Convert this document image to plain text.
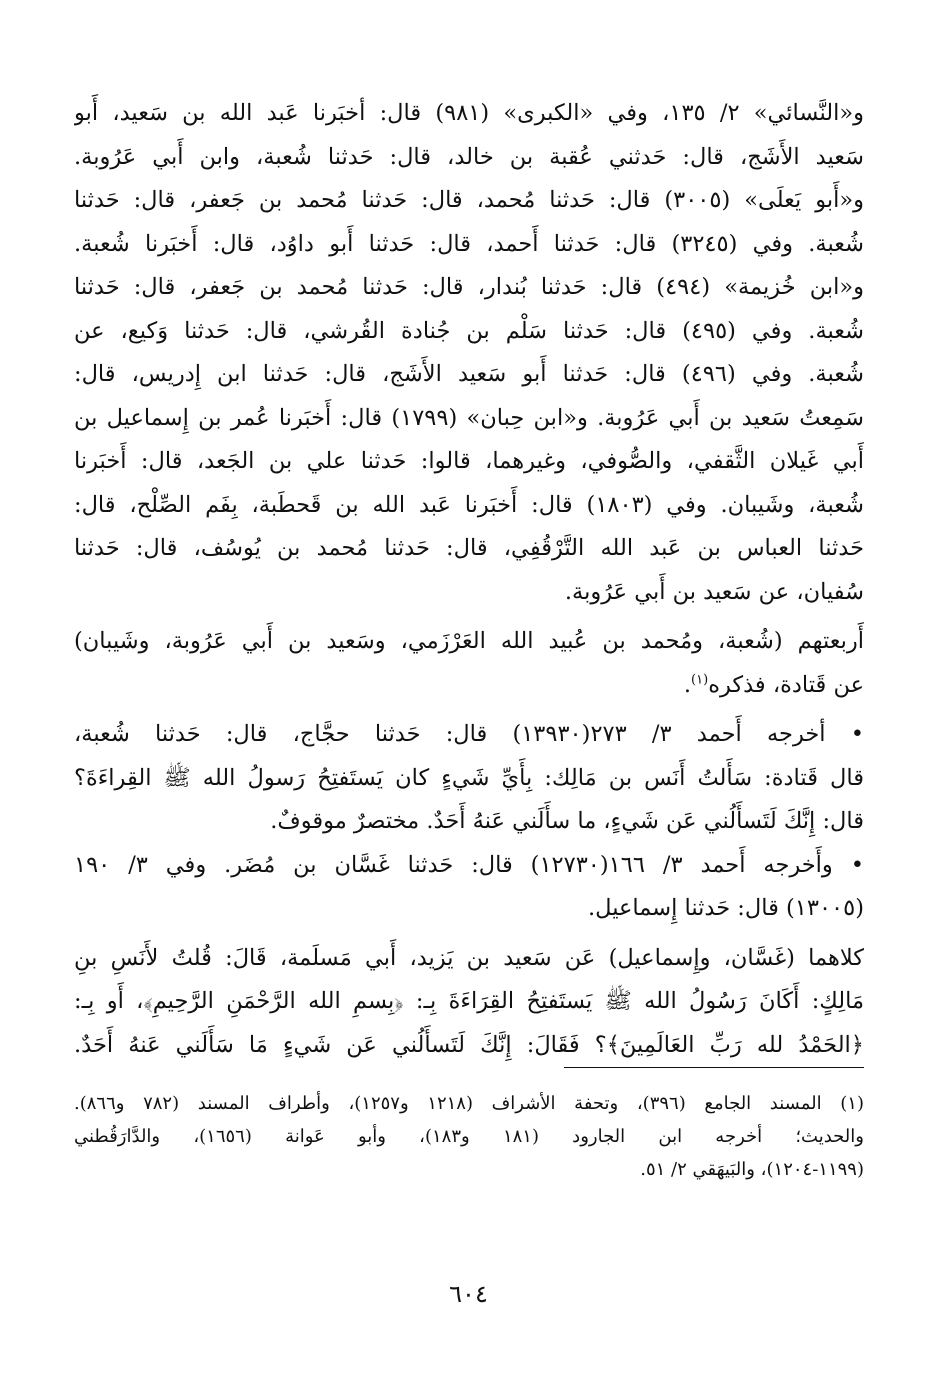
و«النَّسائي» ٢/ ١٣٥، وفي «الكبرى» (٩٨١) قال: أخبَرنا عَبد الله بن سَعيد، أَبو
سَعيد الأَشَج، قال: حَدثني عُقبة بن خالد، قال: حَدثنا شُعبة، وابن أَبي عَرُوبة.
و«أَبو يَعلَى» (٣٠٠٥) قال: حَدثنا مُحمد، قال: حَدثنا مُحمد بن جَعفر، قال: حَدثنا
شُعبة. وفي (٣٢٤٥) قال: حَدثنا أَحمد، قال: حَدثنا أَبو داوُد، قال: أَخبَرنا شُعبة.
و«ابن خُزيمة» (٤٩٤) قال: حَدثنا بُندار، قال: حَدثنا مُحمد بن جَعفر، قال: حَدثنا
شُعبة. وفي (٤٩٥) قال: حَدثنا سَلْم بن جُنادة القُرشي، قال: حَدثنا وَكيع، عن
شُعبة. وفي (٤٩٦) قال: حَدثنا أَبو سَعيد الأَشَج، قال: حَدثنا ابن إِدريس، قال:
سَمِعتُ سَعيد بن أَبي عَرُوبة. و«ابن حِبان» (١٧٩٩) قال: أَخبَرنا عُمر بن إِسماعيل بن
أَبي غَيلان الثَّقفي، والصُّوفي، وغيرهما، قالوا: حَدثنا علي بن الجَعد، قال: أَخبَرنا
شُعبة، وشَيبان. وفي (١٨٠٣) قال: أَخبَرنا عَبد الله بن قَحطَبة، بِفَم الصِّلْح، قال:
حَدثنا العباس بن عَبد الله التَّرْقُفِي، قال: حَدثنا مُحمد بن يُوسُف، قال: حَدثنا
سُفيان، عن سَعيد بن أَبي عَرُوبة.
أَربعتهم (شُعبة، ومُحمد بن عُبيد الله العَرْزَمي، وسَعيد بن أَبي عَرُوبة، وشَيبان)
عن قَتادة، فذكره$^{(١)}$.
• أخرجه أَحمد ٣/ ٢٧٣(١٣٩٣٠) قال: حَدثنا حجَّاج، قال: حَدثنا شُعبة،
قال قَتادة: سَأَلتُ أَنَس بن مَالِك: بِأَيِّ شَيءٍ كان يَستَفتِحُ رَسولُ الله ﷺ القِراءَةَ؟
قال: إِنَّكَ لَتَسأَلُني عَن شَيءٍ، ما سأَلَني عَنهُ أَحَدٌ. مختصرٌ موقوفٌ.
• وأَخرجه أَحمد ٣/ ١٦٦(١٢٧٣٠) قال: حَدثنا غَسَّان بن مُضَر. وفي ٣/ ١٩٠
(١٣٠٠٥) قال: حَدثنا إِسماعيل.
كلاهما (غَسَّان، وإِسماعيل) عَن سَعيد بن يَزيد، أَبي مَسلَمة، قَالَ: قُلتُ لأَنَسِ بنِ
مَالِكٍ: أَكَانَ رَسُولُ الله ﷺ يَستَفتِحُ القِرَاءَةَ بِـ: ﴿بِسمِ الله الرَّحْمَنِ الرَّحِيمِ﴾، أَو بِـ:
﴿الحَمْدُ لله رَبِّ العَالَمِينَ﴾؟ فَقَالَ: إِنَّكَ لَتَسأَلُني عَن شَيءٍ مَا سَأَلَني عَنهُ أَحَدٌ.
(١) المسند الجامع (٣٩٦)، وتحفة الأشراف (١٢١٨ و١٢٥٧)، وأطراف المسند (٧٨٢ و٨٦٦).
والحديث؛ أخرجه ابن الجارود (١٨١ و١٨٣)، وأبو عَوانة (١٦٥٦)، والدَّارَقُطني
(١١٩٩-١٢٠٤)، والبَيهَقي ٢/ ٥١.
٦٠٤
